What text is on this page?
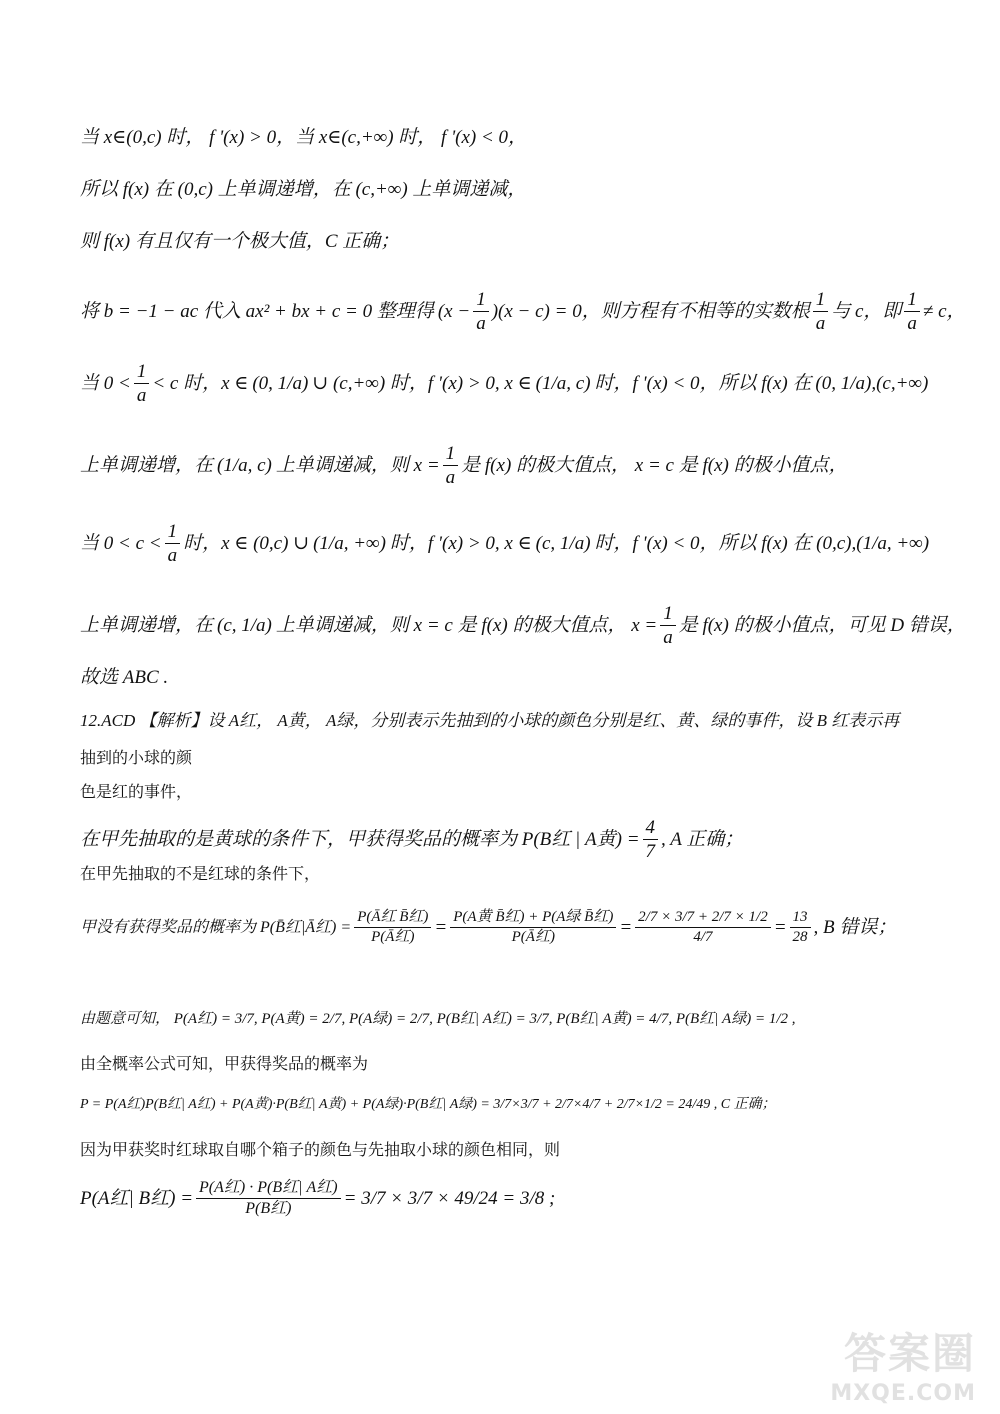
当 x∈(0,c) 时， f '(x) > 0，当 x∈(c,+∞) 时， f '(x) < 0，
所以 f(x) 在 (0,c) 上单调递增，在 (c,+∞) 上单调递减，
则 f(x) 有且仅有一个极大值，C 正确；
将 b = −1 − ac 代入 ax² + bx + c = 0 整理得 ($x - \frac{1}{a}$ ) (x − c) = 0，则方程有不相等的实数根 $\frac{1}{a}$ 与 c，即 $\frac{1}{a} \ne c$，
当 $0 < \frac{1}{a} < c$ 时，x ∈ (0, 1/a) ∪ (c,+∞) 时，f '(x) > 0, x ∈ (1/a, c) 时，f '(x) < 0，所以 f(x) 在 (0, 1/a) ,(c,+∞)
上单调递增，在 (1/a, c) 上单调递减，则 $x = \frac{1}{a}$ 是 f(x) 的极大值点， x = c 是 f(x) 的极小值点，
当 $0 < c < \frac{1}{a}$ 时，x ∈ (0,c) ∪ (1/a, +∞) 时，f '(x) > 0, x ∈ (c, 1/a) 时，f '(x) < 0，所以 f(x) 在 (0,c), (1/a, +∞)
上单调递增，在 (c, 1/a) 上单调递减，则 x = c 是 f(x) 的极大值点， $x = \frac{1}{a}$ 是 f(x) 的极小值点，可见 D 错误，
故选 ABC .
12.ACD 【解析】设 A红， A黄， A绿，分别表示先抽到的小球的颜色分别是红、黄、绿的事件，设 B 红表示再
抽到的小球的颜
色是红的事件，
在甲先抽取的是黄球的条件下，甲获得奖品的概率为 P(B红 | A黄) = $\frac{4}{7}$ , A 正确；
在甲先抽取的不是红球的条件下，
甲没有获得奖品的概率为 P(B̄红|Ā红) = $\frac{\text{P(Ā红 B̄红)}}{\text{P(Ā红)}} = \frac{\text{P(A黄 B̄红) + P(A绿 B̄红)}}{\text{P(Ā红)}} = \frac{2/7 \times 3/7 + 2/7 \times 1/2}{4/7} = \frac{13}{28}$ , B 错误；
由题意可知， P(A红) = 3/7, P(A黄) = 2/7, P(A绿) = 2/7, P(B红| A红) = 3/7, P(B红| A黄) = 4/7, P(B红| A绿) = 1/2 ,
由全概率公式可知，甲获得奖品的概率为
P = P(A红)P(B红| A红) + P(A黄)·P(B红| A黄) + P(A绿)·P(B红| A绿) = 3/7×3/7 + 2/7×4/7 + 2/7×1/2 = 24/49 , C 正确；
因为甲获奖时红球取自哪个箱子的颜色与先抽取小球的颜色相同，则
P(A红| B红) = $\frac{\text{P(A红) · P(B红| A红)}}{\text{P(B红)}} = 3/7 \times 3/7 \times 49/24 = 3/8$ ;
答案圈
MXQE.COM
